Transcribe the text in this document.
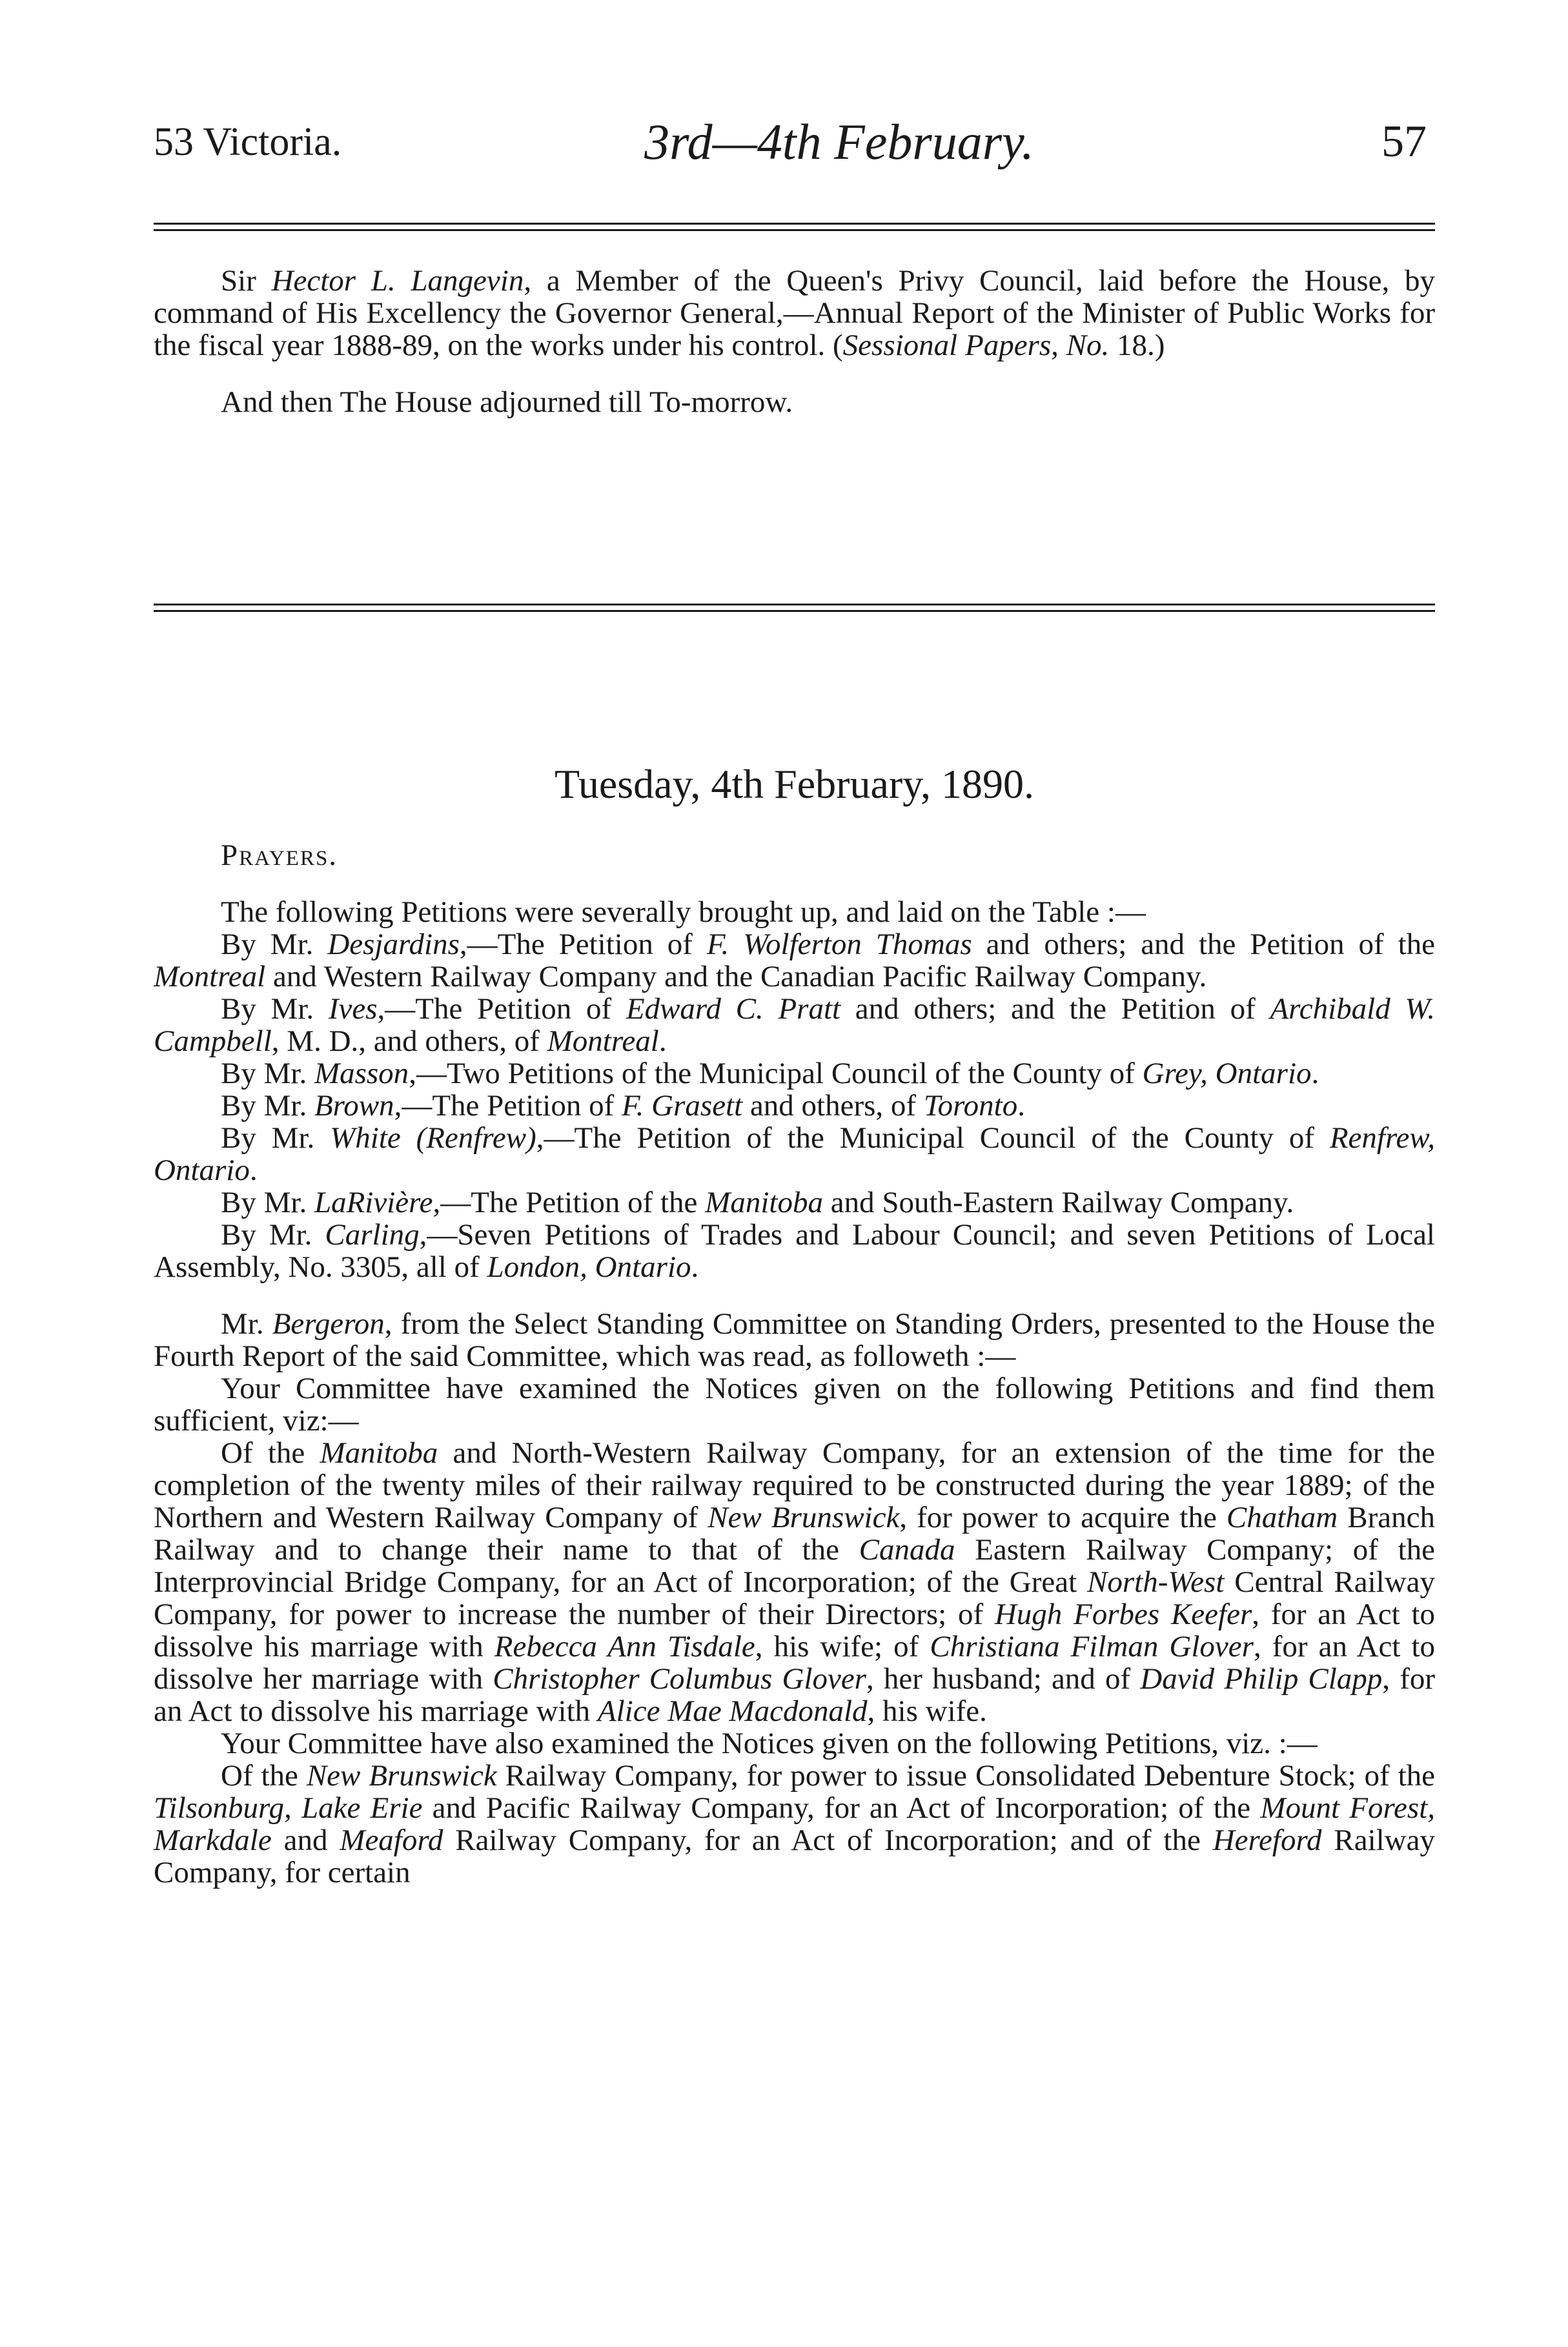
53 Victoria.	3rd—4th February.	57

Sir Hector L. Langevin, a Member of the Queen's Privy Council, laid before the House, by command of His Excellency the Governor General,—Annual Report of the Minister of Public Works for the fiscal year 1888-89, on the works under his control. (Sessional Papers, No. 18.)

And then The House adjourned till To-morrow.

Tuesday, 4th February, 1890.

Prayers.

The following Petitions were severally brought up, and laid on the Table :—

By Mr. Desjardins,—The Petition of F. Wolferton Thomas and others; and the Petition of the Montreal and Western Railway Company and the Canadian Pacific Railway Company.

By Mr. Ives,—The Petition of Edward C. Pratt and others; and the Petition of Archibald W. Campbell, M. D., and others, of Montreal.

By Mr. Masson,—Two Petitions of the Municipal Council of the County of Grey, Ontario.

By Mr. Brown,—The Petition of F. Grasett and others, of Toronto.

By Mr. White (Renfrew),—The Petition of the Municipal Council of the County of Renfrew, Ontario.

By Mr. LaRivière,—The Petition of the Manitoba and South-Eastern Railway Company.

By Mr. Carling,—Seven Petitions of Trades and Labour Council; and seven Petitions of Local Assembly, No. 3305, all of London, Ontario.

Mr. Bergeron, from the Select Standing Committee on Standing Orders, presented to the House the Fourth Report of the said Committee, which was read, as followeth :—

Your Committee have examined the Notices given on the following Petitions and find them sufficient, viz:—

Of the Manitoba and North-Western Railway Company, for an extension of the time for the completion of the twenty miles of their railway required to be constructed during the year 1889; of the Northern and Western Railway Company of New Brunswick, for power to acquire the Chatham Branch Railway and to change their name to that of the Canada Eastern Railway Company; of the Interprovincial Bridge Company, for an Act of Incorporation; of the Great North-West Central Railway Company, for power to increase the number of their Directors; of Hugh Forbes Keefer, for an Act to dissolve his marriage with Rebecca Ann Tisdale, his wife; of Christiana Filman Glover, for an Act to dissolve her marriage with Christopher Columbus Glover, her husband; and of David Philip Clapp, for an Act to dissolve his marriage with Alice Mae Macdonald, his wife.

Your Committee have also examined the Notices given on the following Petitions, viz. :—

Of the New Brunswick Railway Company, for power to issue Consolidated Debenture Stock; of the Tilsonburg, Lake Erie and Pacific Railway Company, for an Act of Incorporation; of the Mount Forest, Markdale and Meaford Railway Company, for an Act of Incorporation; and of the Hereford Railway Company, for certain
